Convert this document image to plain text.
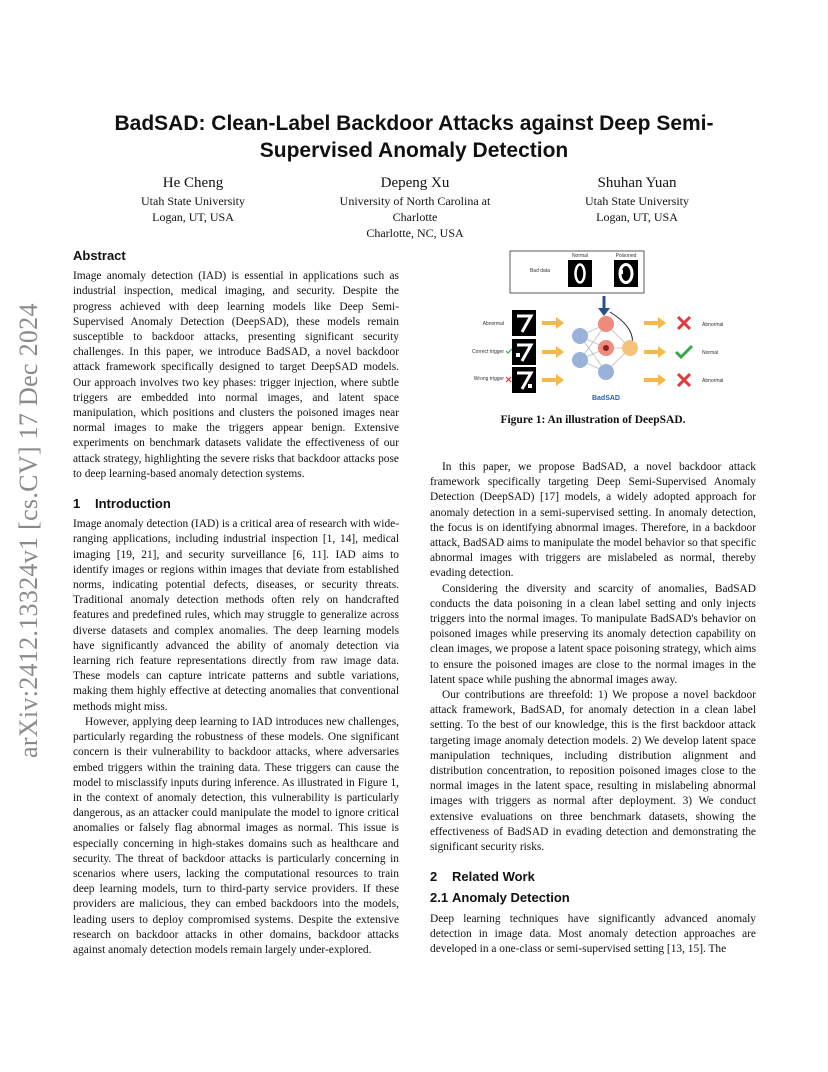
arXiv:2412.13324v1 [cs.CV] 17 Dec 2024
BadSAD: Clean-Label Backdoor Attacks against Deep Semi-Supervised Anomaly Detection
He Cheng
Utah State University
Logan, UT, USA
Depeng Xu
University of North Carolina at Charlotte
Charlotte, NC, USA
Shuhan Yuan
Utah State University
Logan, UT, USA
Abstract

Image anomaly detection (IAD) is essential in applications such as industrial inspection, medical imaging, and security. Despite the progress achieved with deep learning models like Deep Semi-Supervised Anomaly Detection (DeepSAD), these models remain susceptible to backdoor attacks, presenting significant security challenges. In this paper, we introduce BadSAD, a novel backdoor attack framework specifically designed to target DeepSAD models. Our approach involves two key phases: trigger injection, where subtle triggers are embedded into normal images, and latent space manipulation, which positions and clusters the poisoned images near normal images to make the triggers appear benign. Extensive experiments on benchmark datasets validate the effectiveness of our attack strategy, highlighting the severe risks that backdoor attacks pose to deep learning-based anomaly detection systems.

1 Introduction

Image anomaly detection (IAD) is a critical area of research with wide-ranging applications, including industrial inspection [1, 14], medical imaging [19, 21], and security surveillance [6, 11]. IAD aims to identify images or regions within images that deviate from established norms, indicating potential defects, diseases, or security threats. Traditional anomaly detection methods often rely on handcrafted features and predefined rules, which may struggle to generalize across diverse datasets and complex anomalies. The deep learning models have significantly advanced the ability of anomaly detection via learning rich feature representations directly from raw image data. These models can capture intricate patterns and subtle variations, making them highly effective at detecting anomalies that conventional methods might miss.

However, applying deep learning to IAD introduces new challenges, particularly regarding the robustness of these models. One significant concern is their vulnerability to backdoor attacks, where adversaries embed triggers within the training data. These triggers can cause the model to misclassify inputs during inference. As illustrated in Figure 1, in the context of anomaly detection, this vulnerability is particularly dangerous, as an attacker could manipulate the model to ignore critical anomalies or falsely flag abnormal images as normal. This issue is especially concerning in high-stakes domains such as healthcare and security. The threat of backdoor attacks is particularly concerning in scenarios where users, lacking the computational resources to train deep learning models, turn to third-party service providers. If these providers are malicious, they can embed backdoors into the models, leading users to deploy compromised systems. Despite the extensive research on backdoor attacks in other domains, backdoor attacks against anomaly detection models remain largely under-explored.

Bad data
Normal	Poisoned
Abnormal
Correct trigger
Wrong trigger
BadSAD
Abnormal
Normal
Abnormal
Figure 1: An illustration of DeepSAD.

In this paper, we propose BadSAD, a novel backdoor attack framework specifically targeting Deep Semi-Supervised Anomaly Detection (DeepSAD) [17] models, a widely adopted approach for anomaly detection in a semi-supervised setting. In anomaly detection, the focus is on identifying abnormal images. Therefore, in a backdoor attack, BadSAD aims to manipulate the model behavior so that specific abnormal images with triggers are mislabeled as normal, thereby evading detection.

Considering the diversity and scarcity of anomalies, BadSAD conducts the data poisoning in a clean label setting and only injects triggers into the normal images. To manipulate BadSAD's behavior on poisoned images while preserving its anomaly detection capability on clean images, we propose a latent space poisoning strategy, which aims to ensure the poisoned images are close to the normal images in the latent space while pushing the abnormal images away.

Our contributions are threefold: 1) We propose a novel backdoor attack framework, BadSAD, for anomaly detection in a clean label setting. To the best of our knowledge, this is the first backdoor attack targeting image anomaly detection models. 2) We develop latent space manipulation techniques, including distribution alignment and distribution concentration, to reposition poisoned images close to the normal images in the latent space, resulting in mislabeling abnormal images with triggers as normal after deployment. 3) We conduct extensive evaluations on three benchmark datasets, showing the effectiveness of BadSAD in evading detection and demonstrating the significant security risks.

2 Related Work
2.1 Anomaly Detection

Deep learning techniques have significantly advanced anomaly detection in image data. Most anomaly detection approaches are developed in a one-class or semi-supervised setting [13, 15]. The
